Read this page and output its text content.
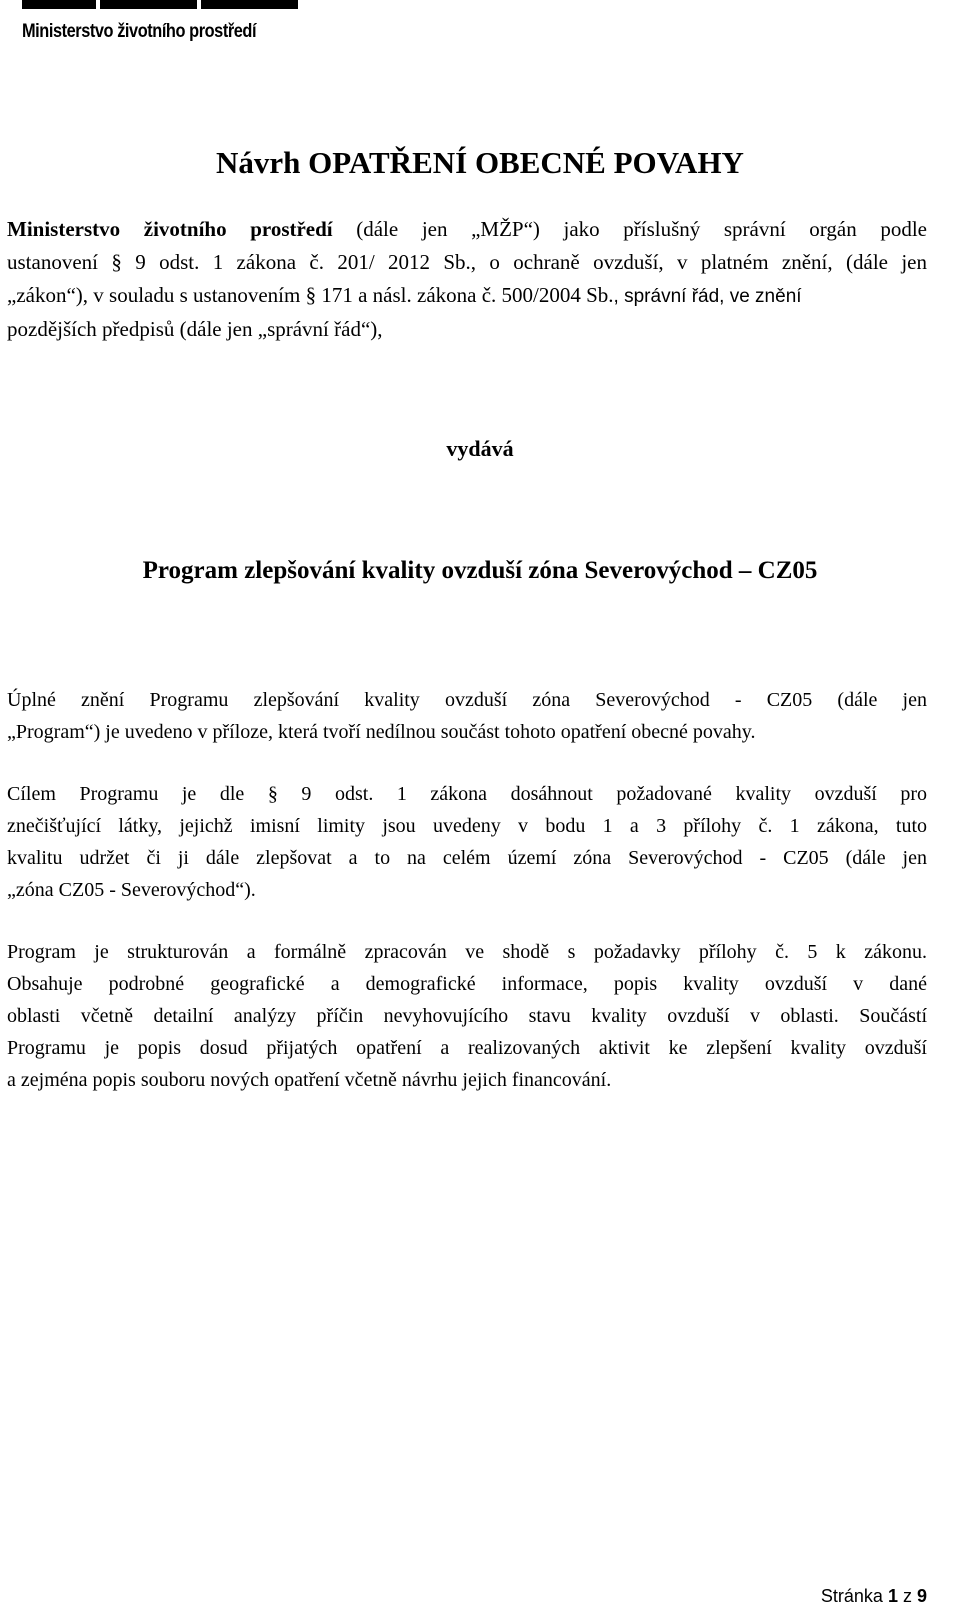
Ministerstvo životního prostředí
Návrh OPATŘENÍ OBECNÉ POVAHY

Ministerstvo životního prostředí (dále jen „MŽP“) jako příslušný správní orgán podle
ustanovení § 9 odst. 1 zákona č. 201/ 2012 Sb., o ochraně ovzduší, v platném znění, (dále jen
„zákon“), v souladu s ustanovením § 171 a násl. zákona č. 500/2004 Sb., správní řád, ve znění
pozdějších předpisů (dále jen „správní řád“),

vydává
Program zlepšování kvality ovzduší zóna Severovýchod – CZ05

Úplné znění Programu zlepšování kvality ovzduší zóna Severovýchod - CZ05 (dále jen
„Program“) je uvedeno v příloze, která tvoří nedílnou součást tohoto opatření obecné povahy.

Cílem Programu je dle § 9 odst. 1 zákona dosáhnout požadované kvality ovzduší pro
znečišťující látky, jejichž imisní limity jsou uvedeny v bodu 1 a 3 přílohy č. 1 zákona, tuto
kvalitu udržet či ji dále zlepšovat a to na celém území zóna Severovýchod - CZ05 (dále jen
„zóna CZ05 - Severovýchod“).

Program je strukturován a formálně zpracován ve shodě s požadavky přílohy č. 5 k zákonu.
Obsahuje podrobné geografické a demografické informace, popis kvality ovzduší v dané
oblasti včetně detailní analýzy příčin nevyhovujícího stavu kvality ovzduší v oblasti. Součástí
Programu je popis dosud přijatých opatření a realizovaných aktivit ke zlepšení kvality ovzduší
a zejména popis souboru nových opatření včetně návrhu jejich financování.

Stránka 1 z 9
